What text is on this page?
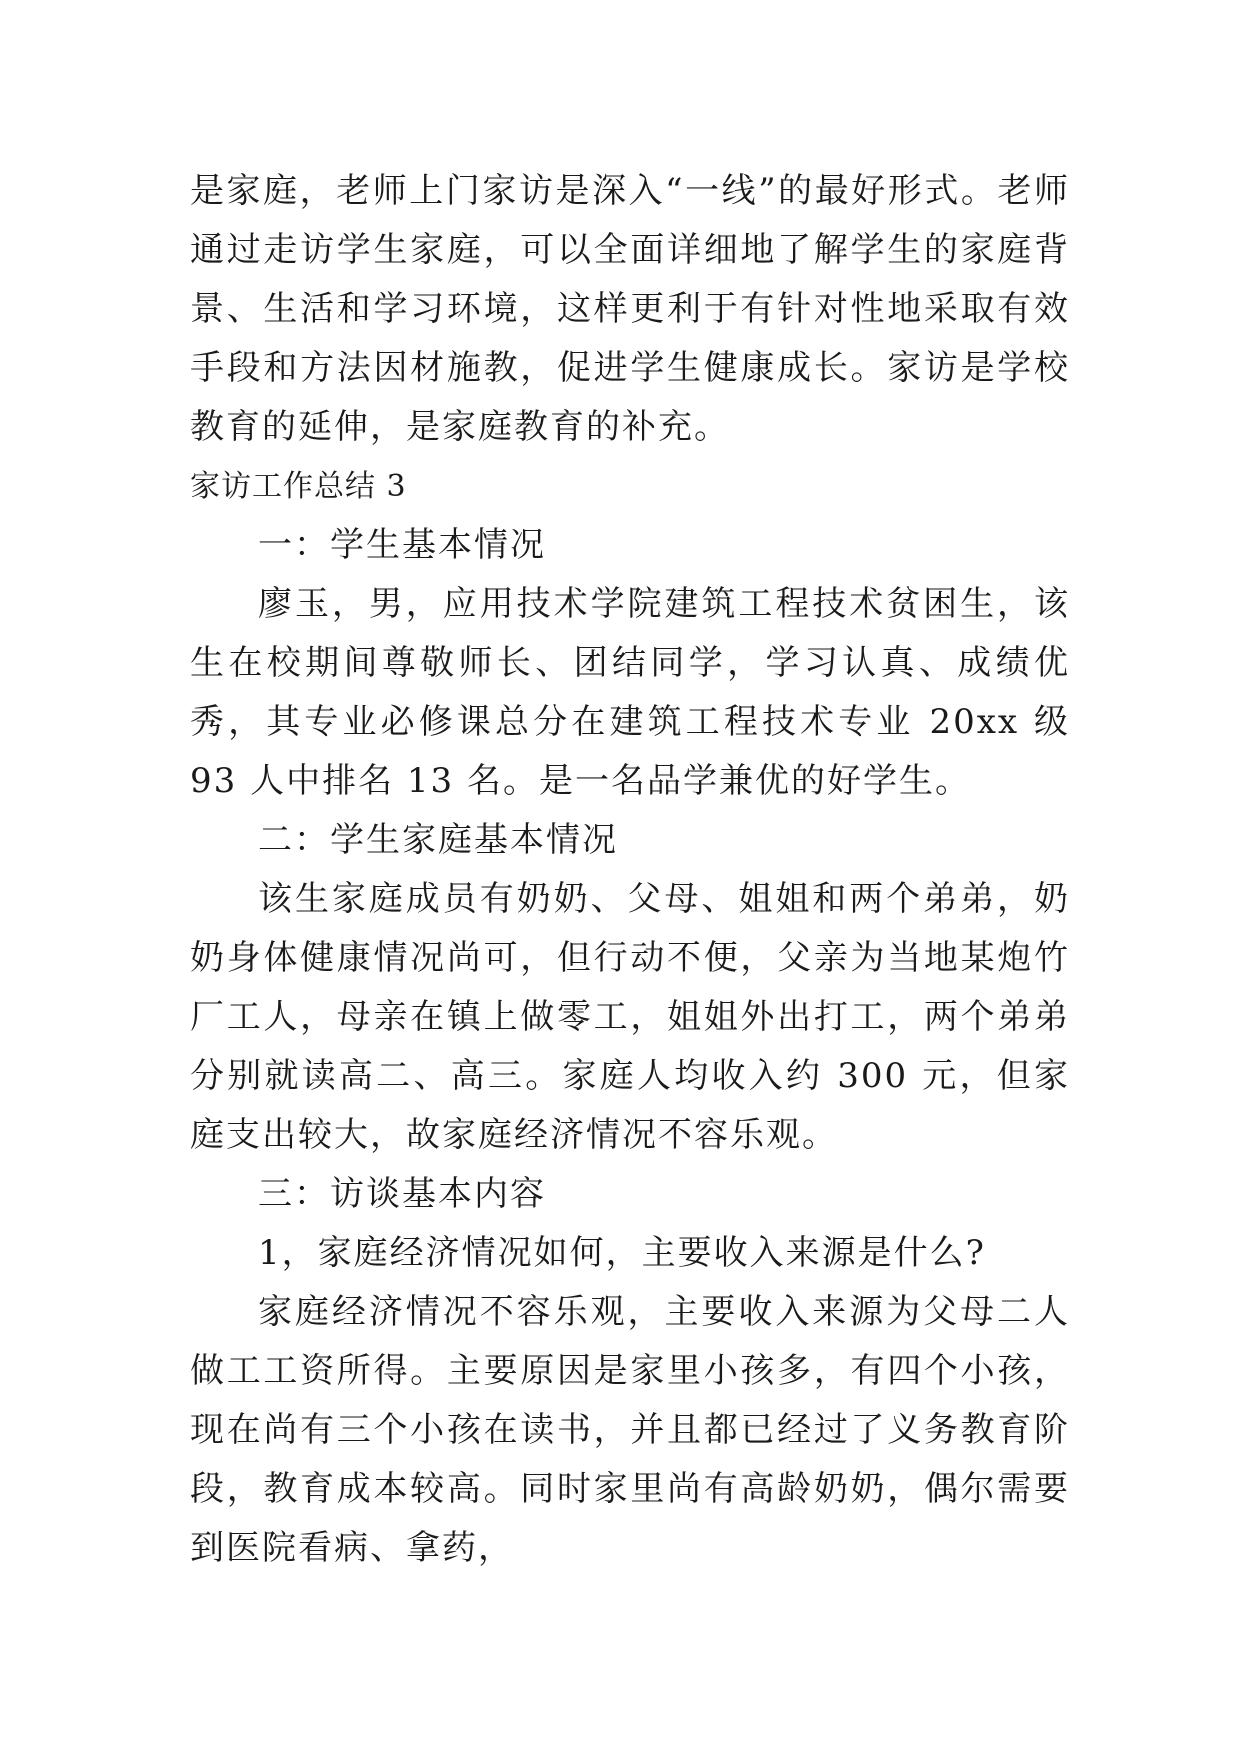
是家庭，老师上门家访是深入“一线”的最好形式。老师通过走访学生家庭，可以全面详细地了解学生的家庭背景、生活和学习环境，这样更利于有针对性地采取有效手段和方法因材施教，促进学生健康成长。家访是学校教育的延伸，是家庭教育的补充。

家访工作总结 3

一：学生基本情况

廖玉，男，应用技术学院建筑工程技术贫困生，该生在校期间尊敬师长、团结同学，学习认真、成绩优秀，其专业必修课总分在建筑工程技术专业 20xx 级 93 人中排名 13 名。是一名品学兼优的好学生。

二：学生家庭基本情况

该生家庭成员有奶奶、父母、姐姐和两个弟弟，奶奶身体健康情况尚可，但行动不便，父亲为当地某炮竹厂工人，母亲在镇上做零工，姐姐外出打工，两个弟弟分别就读高二、高三。家庭人均收入约 300 元，但家庭支出较大，故家庭经济情况不容乐观。

三：访谈基本内容

1，家庭经济情况如何，主要收入来源是什么?

家庭经济情况不容乐观，主要收入来源为父母二人做工工资所得。主要原因是家里小孩多，有四个小孩，现在尚有三个小孩在读书，并且都已经过了义务教育阶段，教育成本较高。同时家里尚有高龄奶奶，偶尔需要到医院看病、拿药，
